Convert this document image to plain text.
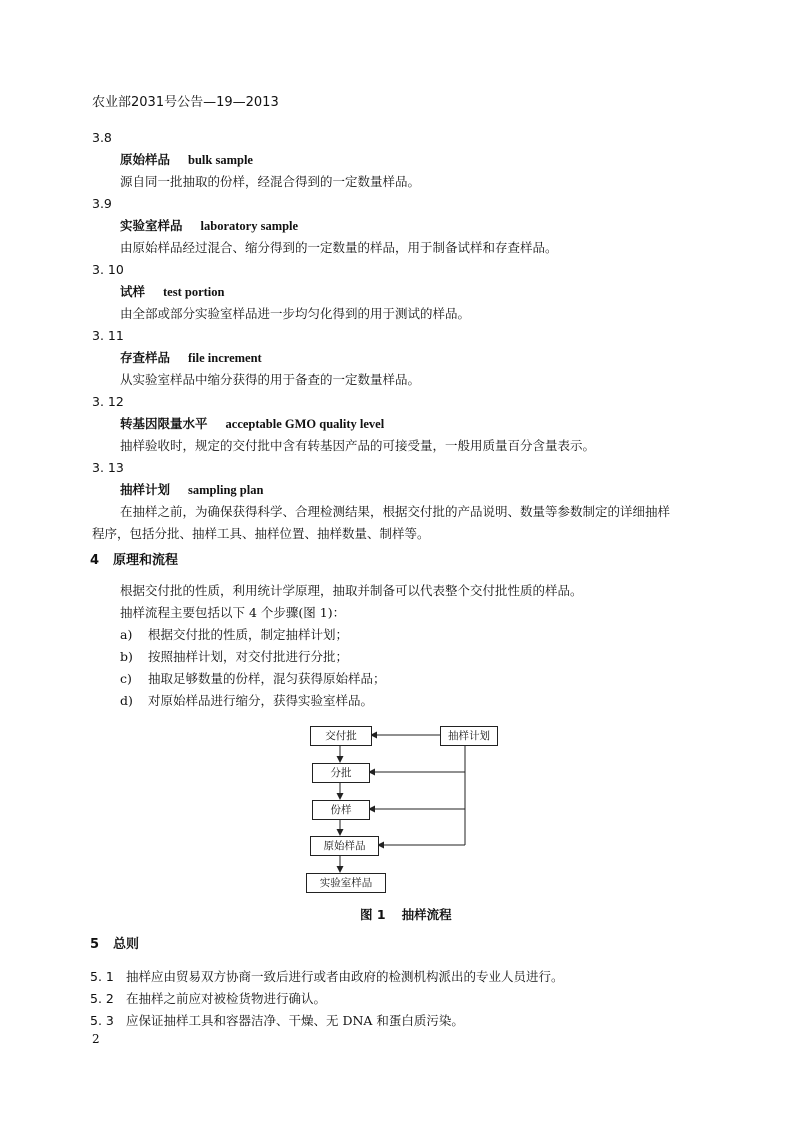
农业部2031号公告—19—2013
3.8
原始样品 bulk sample
源自同一批抽取的份样，经混合得到的一定数量样品。
3.9
实验室样品 laboratory sample
由原始样品经过混合、缩分得到的一定数量的样品，用于制备试样和存查样品。
3. 10
试样 test portion
由全部或部分实验室样品进一步均匀化得到的用于测试的样品。
3. 11
存查样品 file increment
从实验室样品中缩分获得的用于备查的一定数量样品。
3. 12
转基因限量水平 acceptable GMO quality level
抽样验收时，规定的交付批中含有转基因产品的可接受量，一般用质量百分含量表示。
3. 13
抽样计划 sampling plan
在抽样之前，为确保获得科学、合理检测结果，根据交付批的产品说明、数量等参数制定的详细抽样
程序，包括分批、抽样工具、抽样位置、抽样数量、制样等。
4 原理和流程
根据交付批的性质，利用统计学原理，抽取并制备可以代表整个交付批性质的样品。
抽样流程主要包括以下 4 个步骤(图 1)：
a) 根据交付批的性质，制定抽样计划；
b) 按照抽样计划，对交付批进行分批；
c) 抽取足够数量的份样，混匀获得原始样品；
d) 对原始样品进行缩分，获得实验室样品。
交付批
分批
份样
原始样品
实验室样品
抽样计划
图 1 抽样流程
5 总则
5. 1 抽样应由贸易双方协商一致后进行或者由政府的检测机构派出的专业人员进行。
5. 2 在抽样之前应对被检货物进行确认。
5. 3 应保证抽样工具和容器洁净、干燥、无 DNA 和蛋白质污染。
2
